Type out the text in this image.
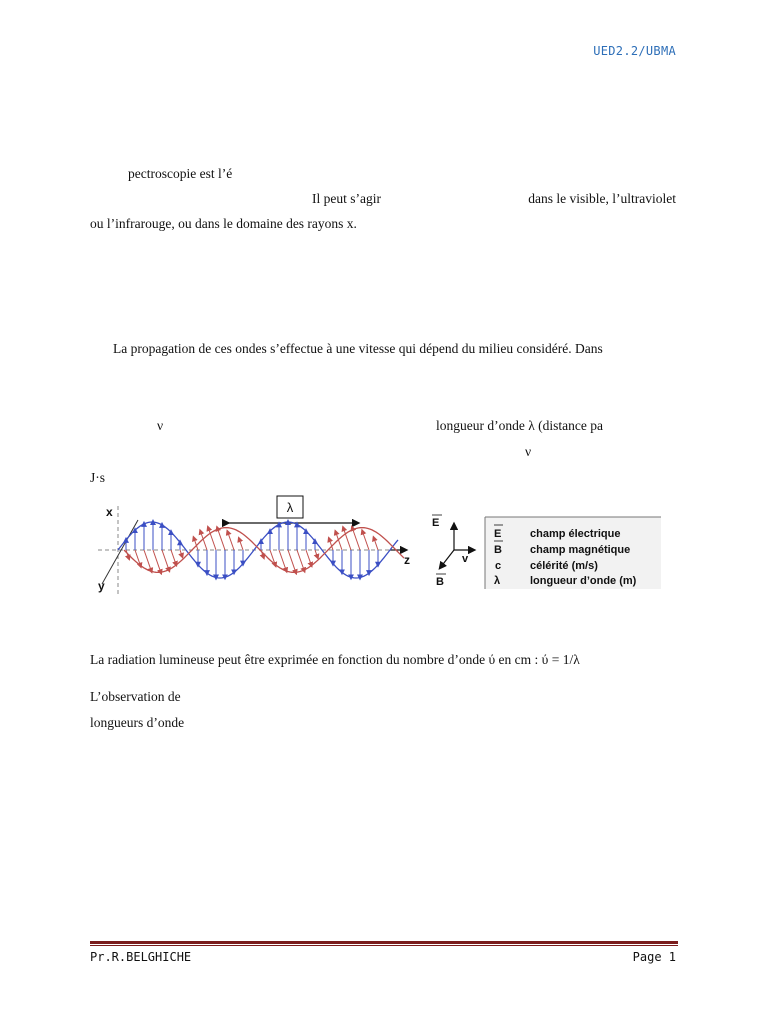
UED2.2/UBMA
pectroscopie est l’é
Il peut s’agir	dans le visible, l’ultraviolet
ou l’infrarouge, ou dans le domaine des rayons x.
La propagation de ces ondes s’effectue à une vitesse qui dépend du milieu considéré. Dans
ν	longueur d’onde λ (distance pa
ν
J·s
x
y
z
λ
E
v
B
E	champ électrique
B	champ magnétique
c	célérité (m/s)
λ	longueur d’onde (m)
La radiation lumineuse peut être exprimée en fonction du nombre d’onde ύ en cm : ύ = 1/λ
L’observation de
longueurs d’onde
Pr.R.BELGHICHE	Page 1
